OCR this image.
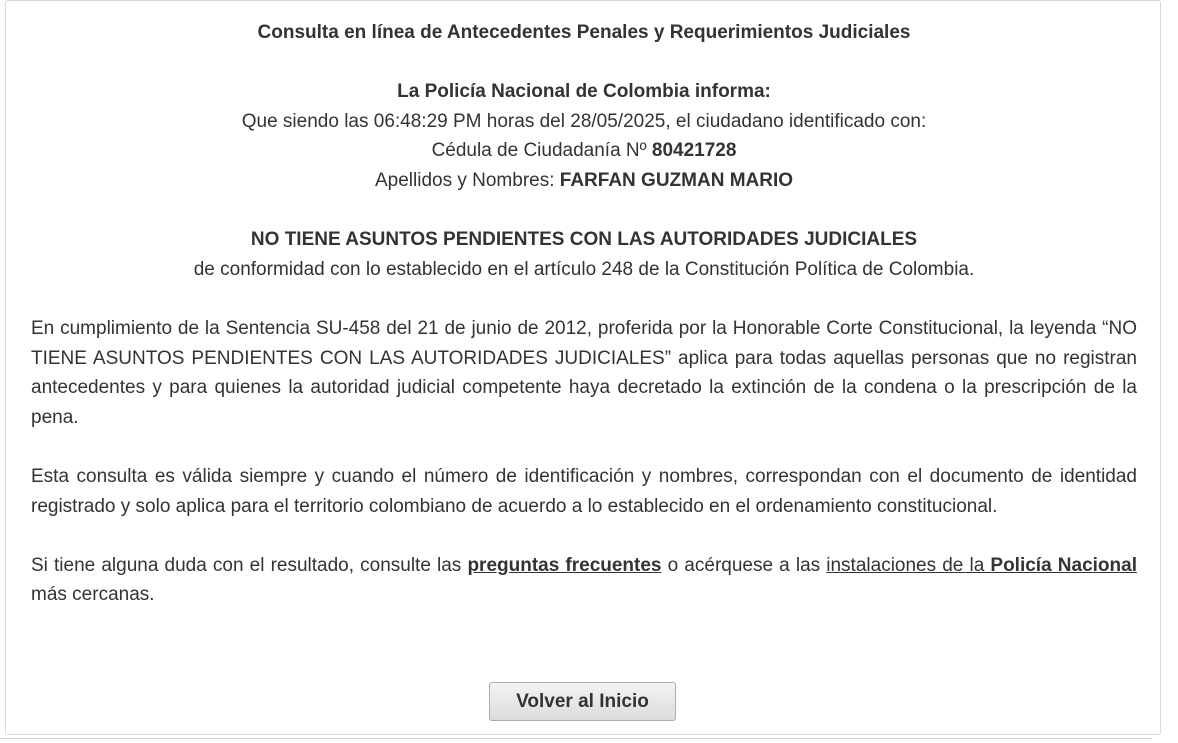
Consulta en línea de Antecedentes Penales y Requerimientos Judiciales

La Policía Nacional de Colombia informa:

Que siendo las 06:48:29 PM horas del 28/05/2025, el ciudadano identificado con:

Cédula de Ciudadanía Nº 80421728

Apellidos y Nombres: FARFAN GUZMAN MARIO

NO TIENE ASUNTOS PENDIENTES CON LAS AUTORIDADES JUDICIALES

de conformidad con lo establecido en el artículo 248 de la Constitución Política de Colombia.

En cumplimiento de la Sentencia SU-458 del 21 de junio de 2012, proferida por la Honorable Corte Constitucional, la leyenda “NO TIENE ASUNTOS PENDIENTES CON LAS AUTORIDADES JUDICIALES” aplica para todas aquellas personas que no registran antecedentes y para quienes la autoridad judicial competente haya decretado la extinción de la condena o la prescripción de la pena.

Esta consulta es válida siempre y cuando el número de identificación y nombres, correspondan con el documento de identidad registrado y solo aplica para el territorio colombiano de acuerdo a lo establecido en el ordenamiento constitucional.

Si tiene alguna duda con el resultado, consulte las preguntas frecuentes o acérquese a las instalaciones de la Policía Nacional más cercanas.

Volver al Inicio
